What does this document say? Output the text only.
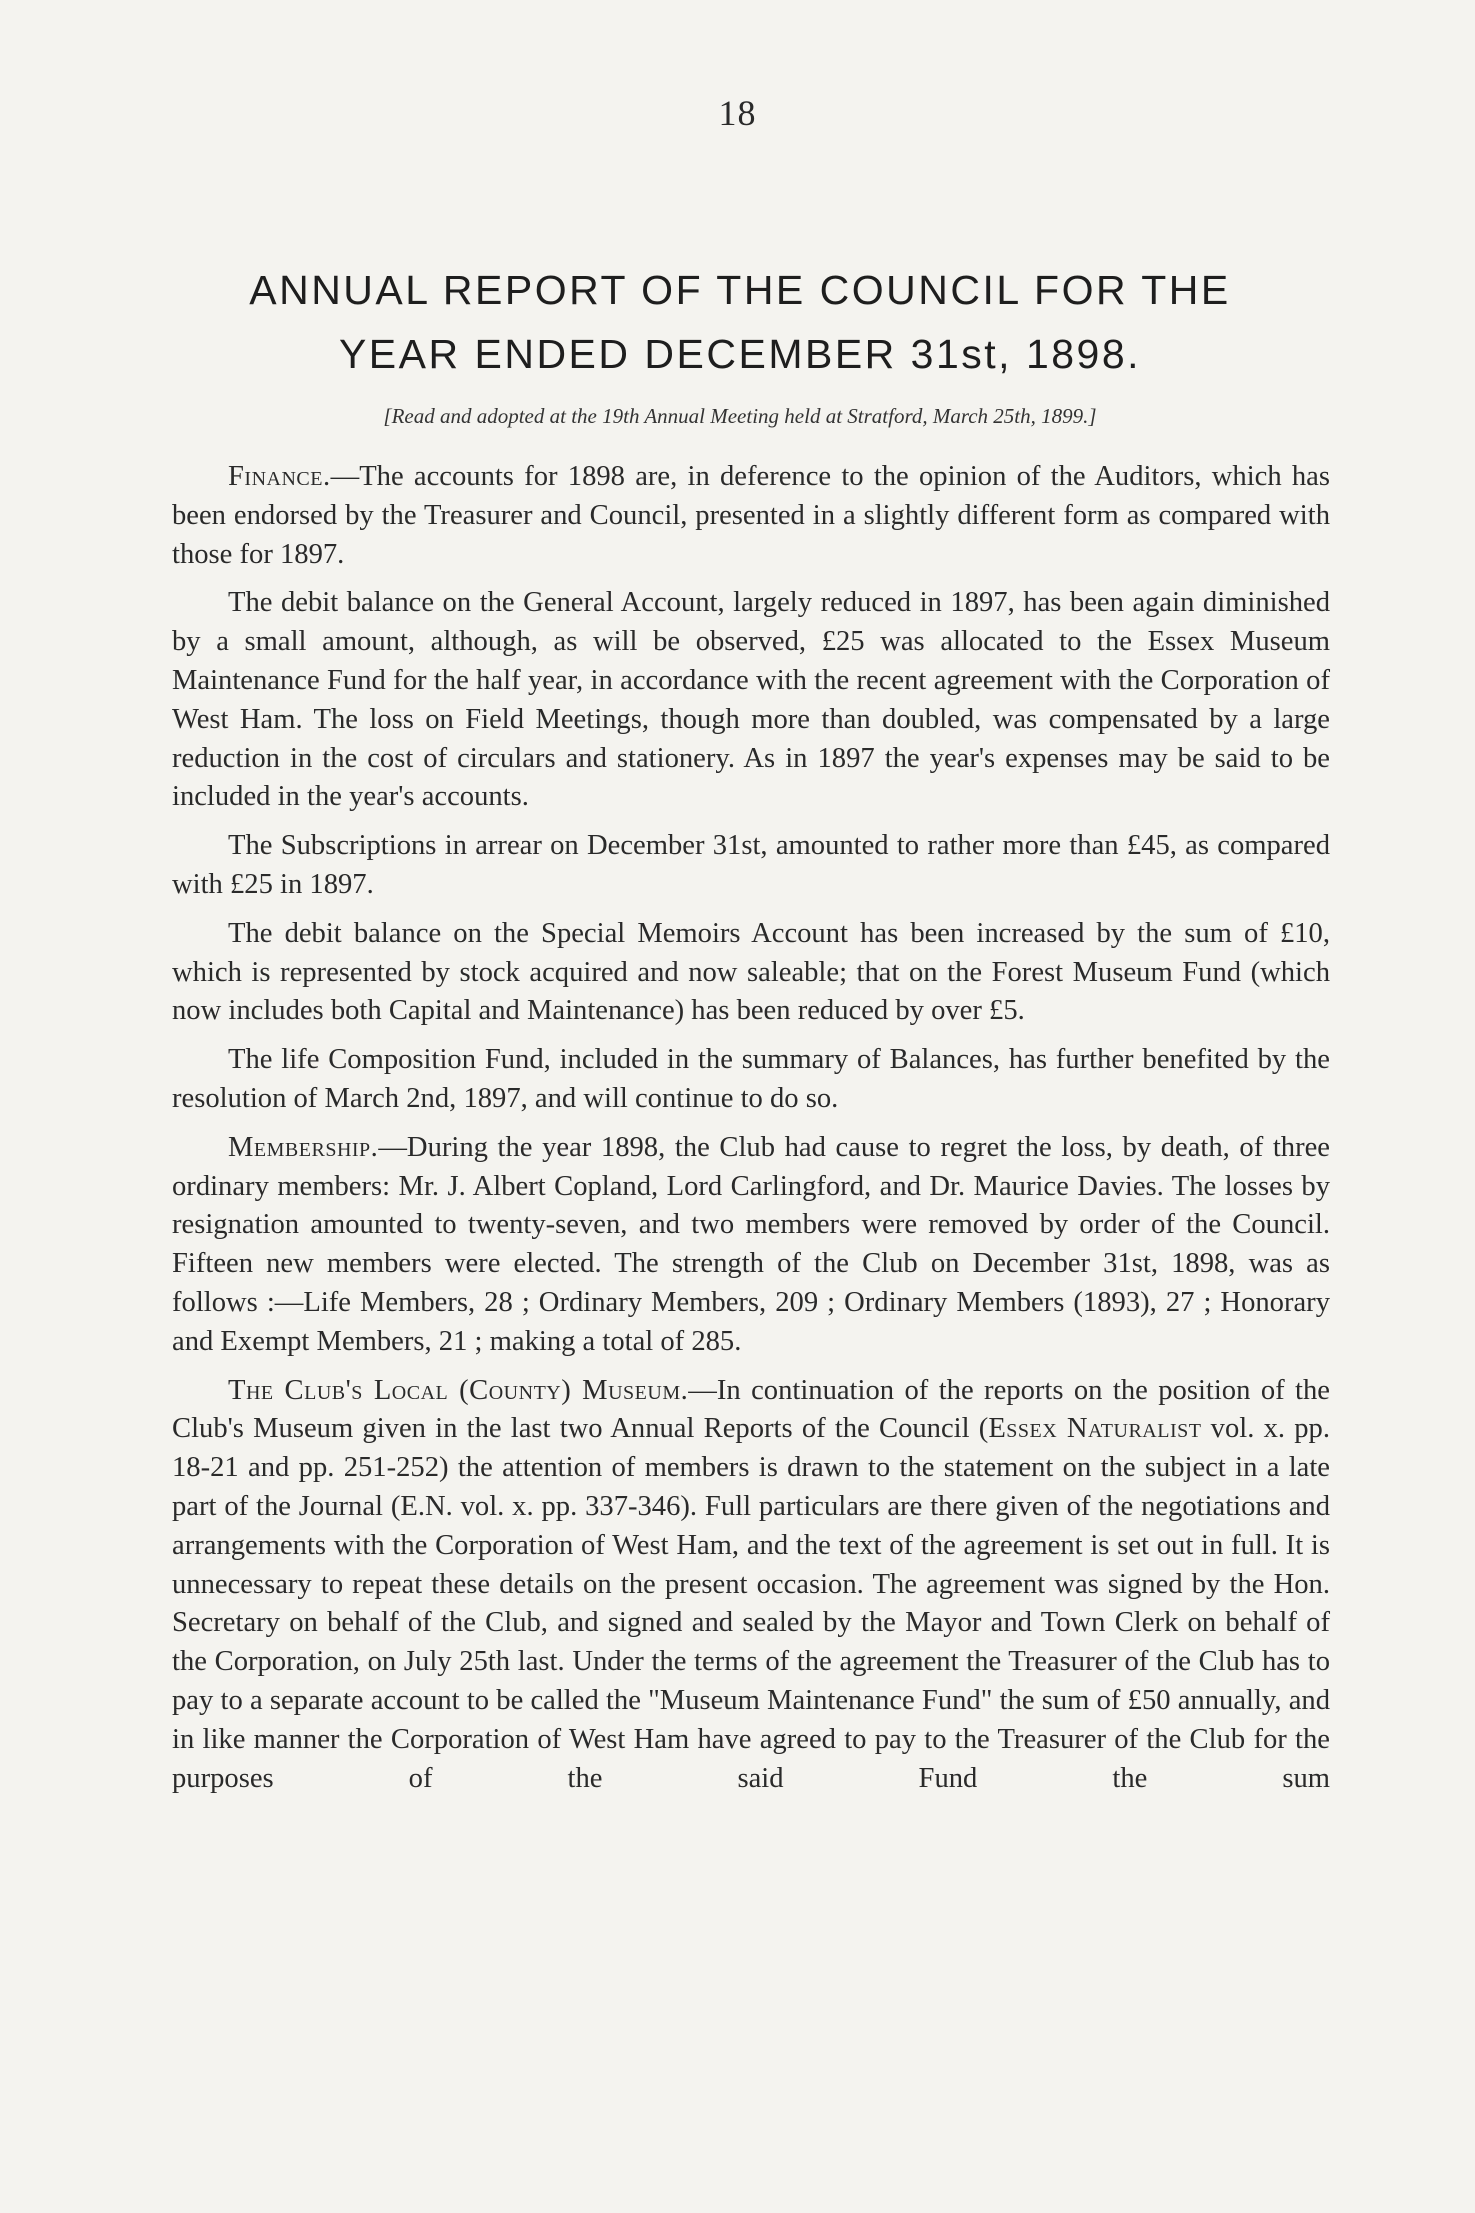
18
ANNUAL REPORT OF THE COUNCIL FOR THE
YEAR ENDED DECEMBER 31st, 1898.
[Read and adopted at the 19th Annual Meeting held at Stratford, March 25th, 1899.]

Finance.—The accounts for 1898 are, in deference to the opinion of the Auditors, which has been endorsed by the Treasurer and Council, presented in a slightly different form as compared with those for 1897.

The debit balance on the General Account, largely reduced in 1897, has been again diminished by a small amount, although, as will be observed, £25 was allocated to the Essex Museum Maintenance Fund for the half year, in accordance with the recent agreement with the Corporation of West Ham. The loss on Field Meetings, though more than doubled, was compensated by a large reduction in the cost of circulars and stationery. As in 1897 the year's expenses may be said to be included in the year's accounts.

The Subscriptions in arrear on December 31st, amounted to rather more than £45, as compared with £25 in 1897.

The debit balance on the Special Memoirs Account has been increased by the sum of £10, which is represented by stock acquired and now saleable; that on the Forest Museum Fund (which now includes both Capital and Maintenance) has been reduced by over £5.

The life Composition Fund, included in the summary of Balances, has further benefited by the resolution of March 2nd, 1897, and will continue to do so.

Membership.—During the year 1898, the Club had cause to regret the loss, by death, of three ordinary members: Mr. J. Albert Copland, Lord Carlingford, and Dr. Maurice Davies. The losses by resignation amounted to twenty-seven, and two members were removed by order of the Council. Fifteen new members were elected. The strength of the Club on December 31st, 1898, was as follows :—Life Members, 28 ; Ordinary Members, 209 ; Ordinary Members (1893), 27 ; Honorary and Exempt Members, 21 ; making a total of 285.

The Club's Local (County) Museum.—In continuation of the reports on the position of the Club's Museum given in the last two Annual Reports of the Council (Essex Naturalist vol. x. pp. 18-21 and pp. 251-252) the attention of members is drawn to the statement on the subject in a late part of the Journal (E.N. vol. x. pp. 337-346). Full particulars are there given of the negotiations and arrangements with the Corporation of West Ham, and the text of the agreement is set out in full. It is unnecessary to repeat these details on the present occasion. The agreement was signed by the Hon. Secretary on behalf of the Club, and signed and sealed by the Mayor and Town Clerk on behalf of the Corporation, on July 25th last. Under the terms of the agreement the Treasurer of the Club has to pay to a separate account to be called the "Museum Maintenance Fund" the sum of £50 annually, and in like manner the Corporation of West Ham have agreed to pay to the Treasurer of the Club for the purposes of the said Fund the sum
